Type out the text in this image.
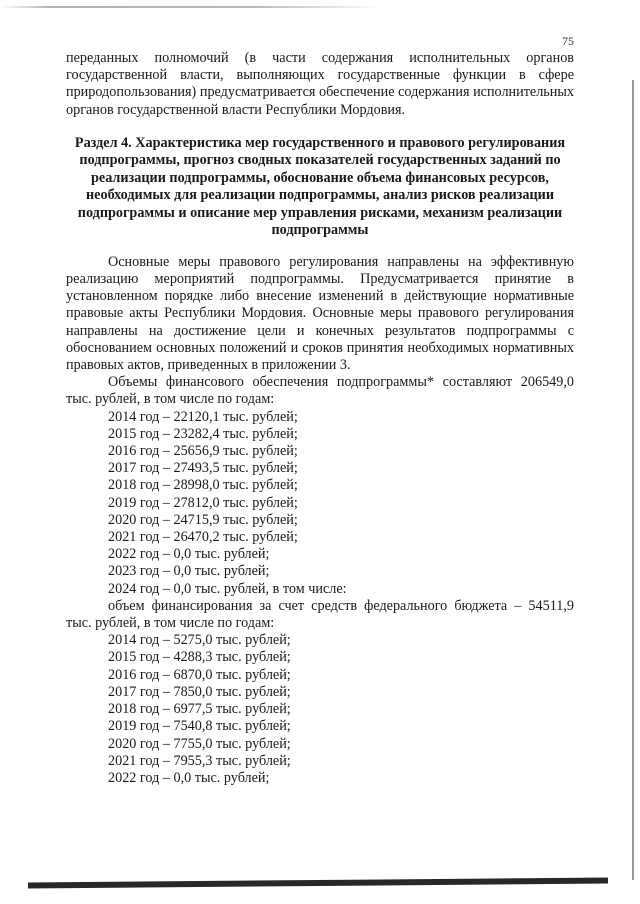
75

переданных полномочий (в части содержания исполнительных органов государственной власти, выполняющих государственные функции в сфере природопользования) предусматривается обеспечение содержания исполнительных органов государственной власти Республики Мордовия.

Раздел 4. Характеристика мер государственного и правового регулирования подпрограммы, прогноз сводных показателей государственных заданий по реализации подпрограммы, обоснование объема финансовых ресурсов, необходимых для реализации подпрограммы, анализ рисков реализации подпрограммы и описание мер управления рисками, механизм реализации подпрограммы

Основные меры правового регулирования направлены на эффективную реализацию мероприятий подпрограммы. Предусматривается принятие в установленном порядке либо внесение изменений в действующие нормативные правовые акты Республики Мордовия. Основные меры правового регулирования направлены на достижение цели и конечных результатов подпрограммы с обоснованием основных положений и сроков принятия необходимых нормативных правовых актов, приведенных в приложении 3.

Объемы финансового обеспечения подпрограммы* составляют 206549,0 тыс. рублей, в том числе по годам:

2014 год – 22120,1 тыс. рублей;

2015 год – 23282,4 тыс. рублей;

2016 год – 25656,9 тыс. рублей;

2017 год – 27493,5 тыс. рублей;

2018 год – 28998,0 тыс. рублей;

2019 год – 27812,0 тыс. рублей;

2020 год – 24715,9 тыс. рублей;

2021 год – 26470,2 тыс. рублей;

2022 год – 0,0 тыс. рублей;

2023 год – 0,0 тыс. рублей;

2024 год – 0,0 тыс. рублей, в том числе:

объем финансирования за счет средств федерального бюджета – 54511,9 тыс. рублей, в том числе по годам:

2014 год – 5275,0 тыс. рублей;

2015 год – 4288,3 тыс. рублей;

2016 год – 6870,0 тыс. рублей;

2017 год – 7850,0 тыс. рублей;

2018 год – 6977,5 тыс. рублей;

2019 год – 7540,8 тыс. рублей;

2020 год – 7755,0 тыс. рублей;

2021 год – 7955,3 тыс. рублей;

2022 год – 0,0 тыс. рублей;
